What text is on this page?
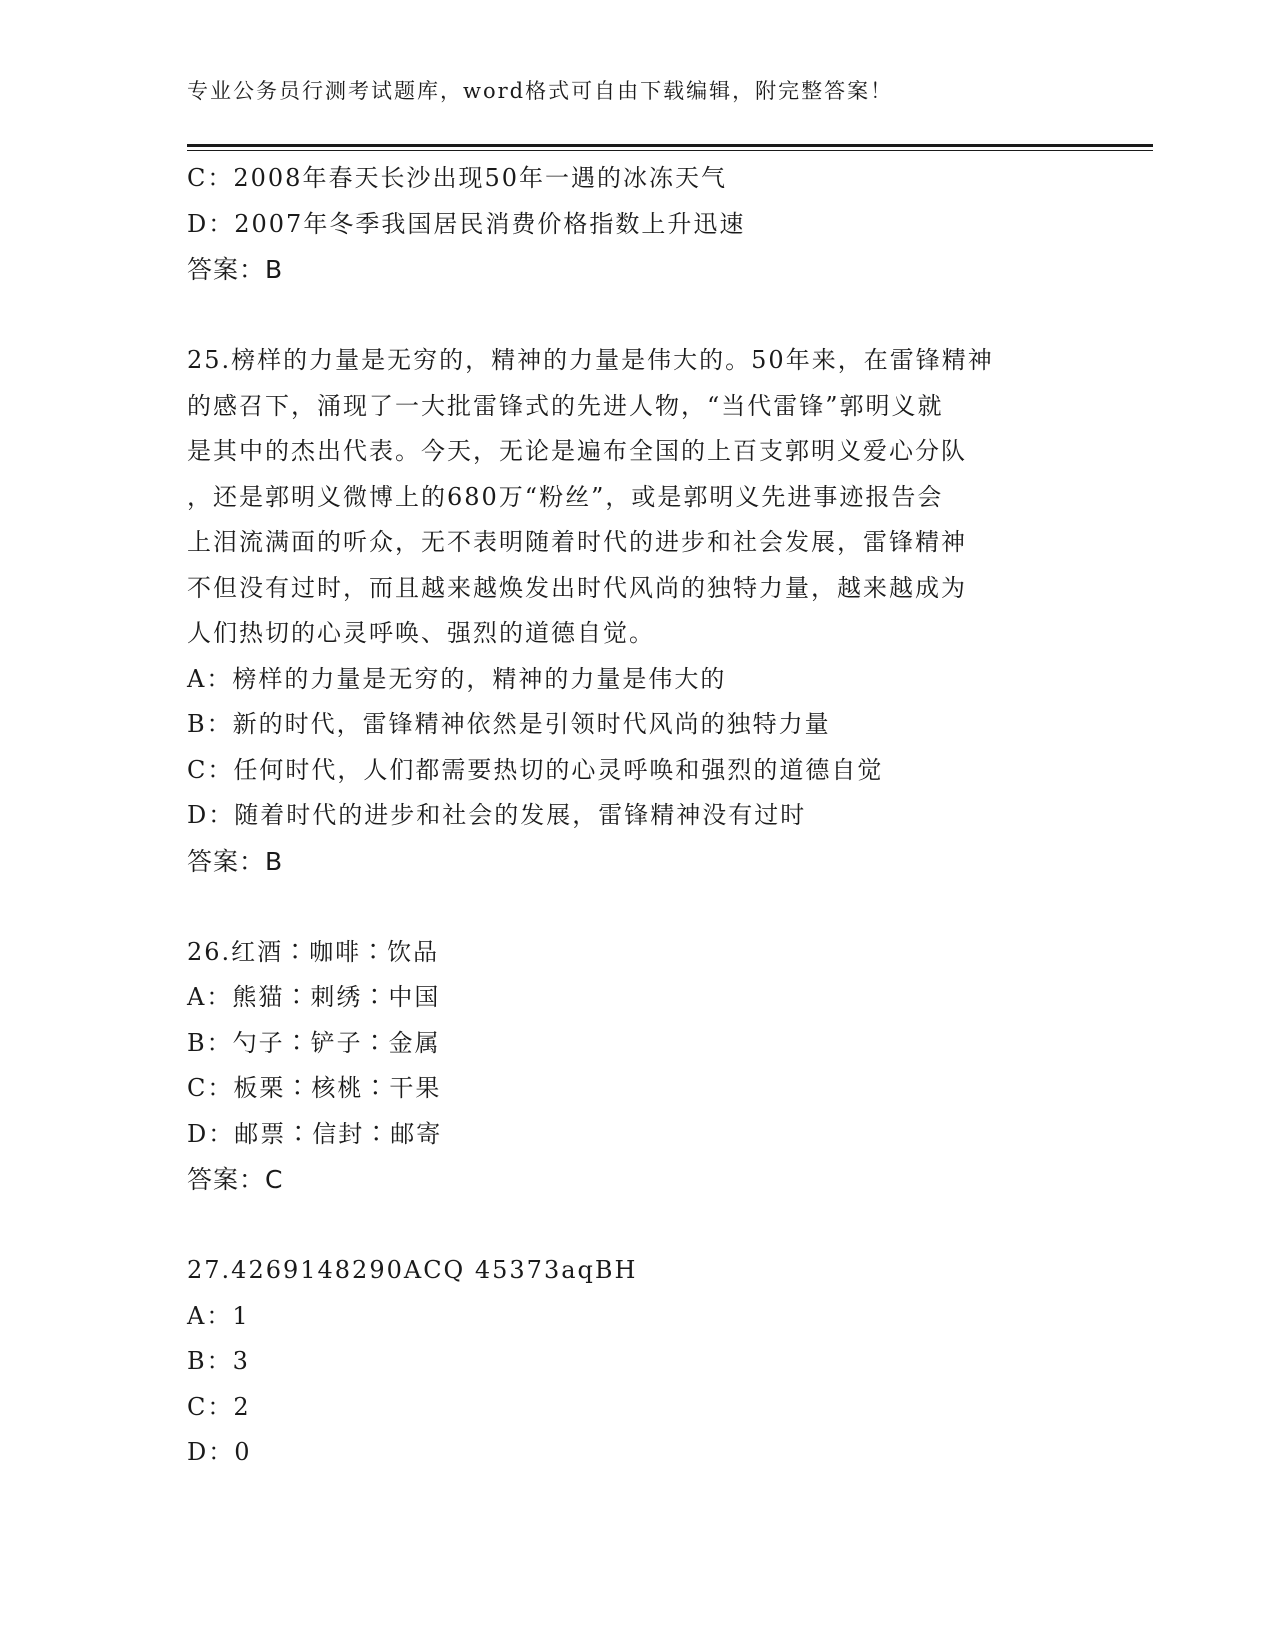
专业公务员行测考试题库，word格式可自由下载编辑，附完整答案！
C：2008年春天长沙出现50年一遇的冰冻天气
D：2007年冬季我国居民消费价格指数上升迅速
答案：B
25.榜样的力量是无穷的，精神的力量是伟大的。50年来，在雷锋精神
的感召下，涌现了一大批雷锋式的先进人物，“当代雷锋”郭明义就
是其中的杰出代表。今天，无论是遍布全国的上百支郭明义爱心分队
，还是郭明义微博上的680万“粉丝”，或是郭明义先进事迹报告会
上泪流满面的听众，无不表明随着时代的进步和社会发展，雷锋精神
不但没有过时，而且越来越焕发出时代风尚的独特力量，越来越成为
人们热切的心灵呼唤、强烈的道德自觉。
A：榜样的力量是无穷的，精神的力量是伟大的
B：新的时代，雷锋精神依然是引领时代风尚的独特力量
C：任何时代，人们都需要热切的心灵呼唤和强烈的道德自觉
D：随着时代的进步和社会的发展，雷锋精神没有过时
答案：B
26.红酒∶咖啡∶饮品
A：熊猫∶刺绣∶中国
B：勺子∶铲子∶金属
C：板栗∶核桃∶干果
D：邮票∶信封∶邮寄
答案：C
27.4269148290ACQ 45373aqBH
A：1
B：3
C：2
D：0
